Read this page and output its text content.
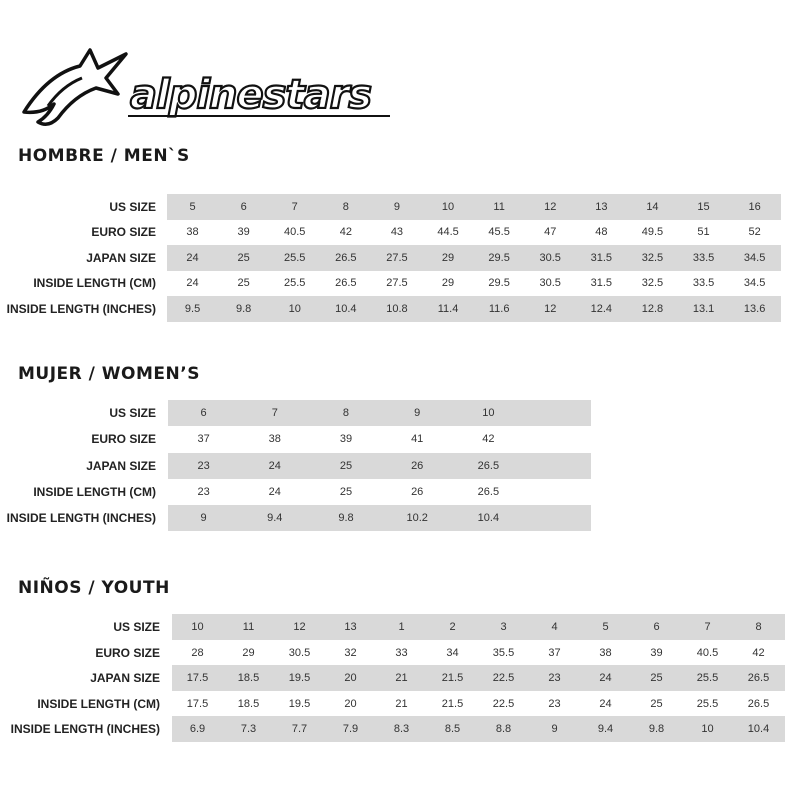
alpinestars
HOMBRE / MEN`S
MUJER / WOMEN’S
NIÑOS / YOUTH
US SIZE	5	6	7	8	9	10	11	12	13	14	15	16
EURO SIZE	38	39	40.5	42	43	44.5	45.5	47	48	49.5	51	52
JAPAN SIZE	24	25	25.5	26.5	27.5	29	29.5	30.5	31.5	32.5	33.5	34.5
INSIDE LENGTH (CM)	24	25	25.5	26.5	27.5	29	29.5	30.5	31.5	32.5	33.5	34.5
INSIDE LENGTH (INCHES)	9.5	9.8	10	10.4	10.8	11.4	11.6	12	12.4	12.8	13.1	13.6
US SIZE	6	7	8	9	10
EURO SIZE	37	38	39	41	42
JAPAN SIZE	23	24	25	26	26.5
INSIDE LENGTH (CM)	23	24	25	26	26.5
INSIDE LENGTH (INCHES)	9	9.4	9.8	10.2	10.4
US SIZE	10	11	12	13	1	2	3	4	5	6	7	8
EURO SIZE	28	29	30.5	32	33	34	35.5	37	38	39	40.5	42
JAPAN SIZE	17.5	18.5	19.5	20	21	21.5	22.5	23	24	25	25.5	26.5
INSIDE LENGTH (CM)	17.5	18.5	19.5	20	21	21.5	22.5	23	24	25	25.5	26.5
INSIDE LENGTH (INCHES)	6.9	7.3	7.7	7.9	8.3	8.5	8.8	9	9.4	9.8	10	10.4
